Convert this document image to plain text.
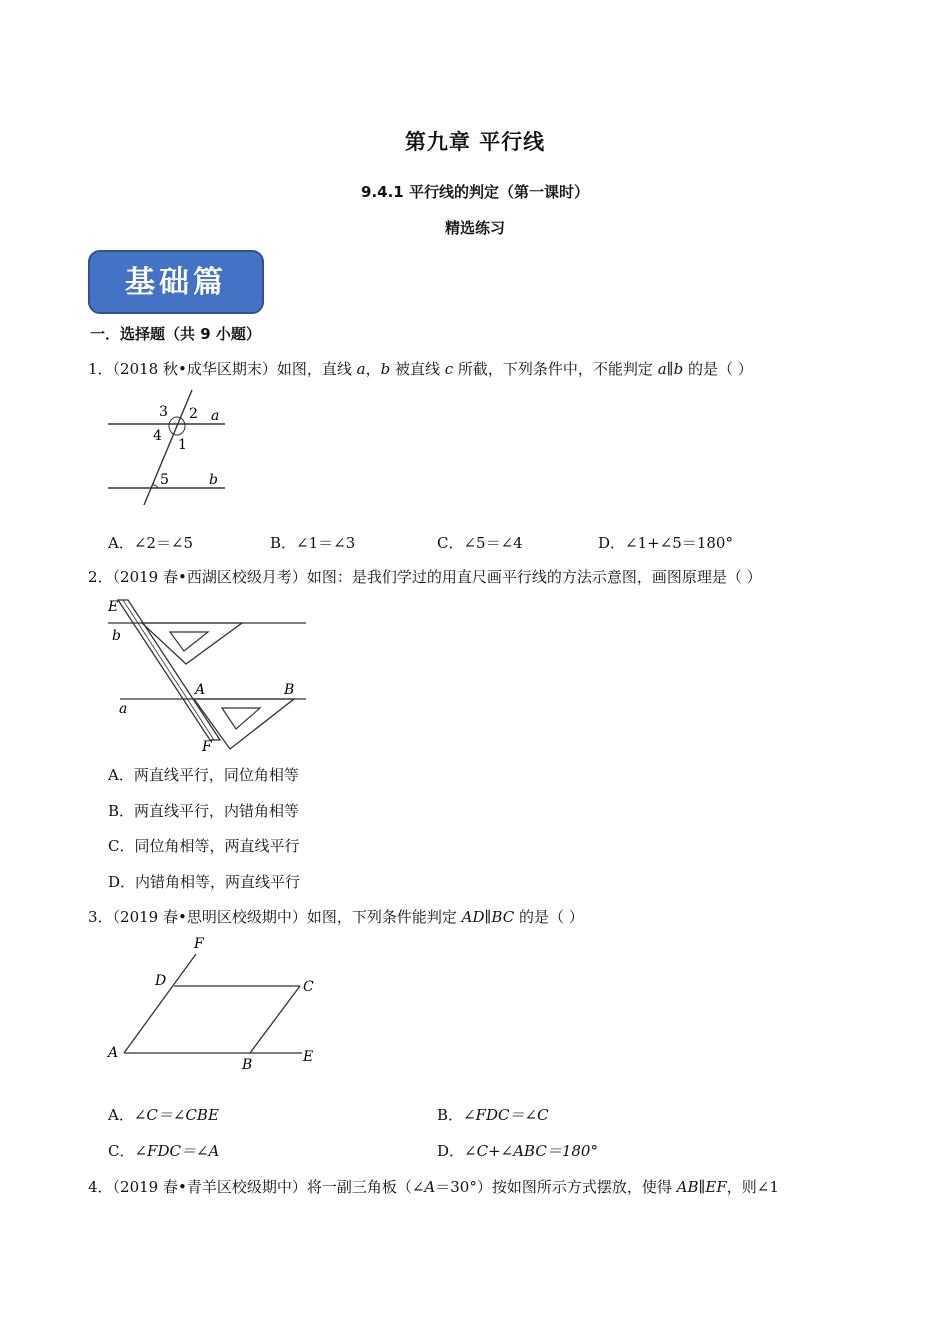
第九章 平行线
9.4.1 平行线的判定（第一课时）
精选练习
基础篇
一．选择题（共 9 小题）
1．（2018 秋•成华区期末）如图，直线 a，b 被直线 c 所截，下列条件中，不能判定 a∥b 的是（ ）
3 2 a
4
1
5	b
A．∠2＝∠5	B．∠1＝∠3	C．∠5＝∠4	D．∠1+∠5＝180°
2．（2019 春•西湖区校级月考）如图：是我们学过的用直尺画平行线的方法示意图，画图原理是（ ）
E
b
A	B
a
F
A．两直线平行，同位角相等
B．两直线平行，内错角相等
C．同位角相等，两直线平行
D．内错角相等，两直线平行
3．（2019 春•思明区校级期中）如图，下列条件能判定 AD∥BC 的是（ ）
F
D	C
A
B	E
A．∠C＝∠CBE	B．∠FDC＝∠C
C．∠FDC＝∠A	D．∠C+∠ABC＝180°
4．（2019 春•青羊区校级期中）将一副三角板（∠A＝30°）按如图所示方式摆放，使得 AB∥EF，则∠1
